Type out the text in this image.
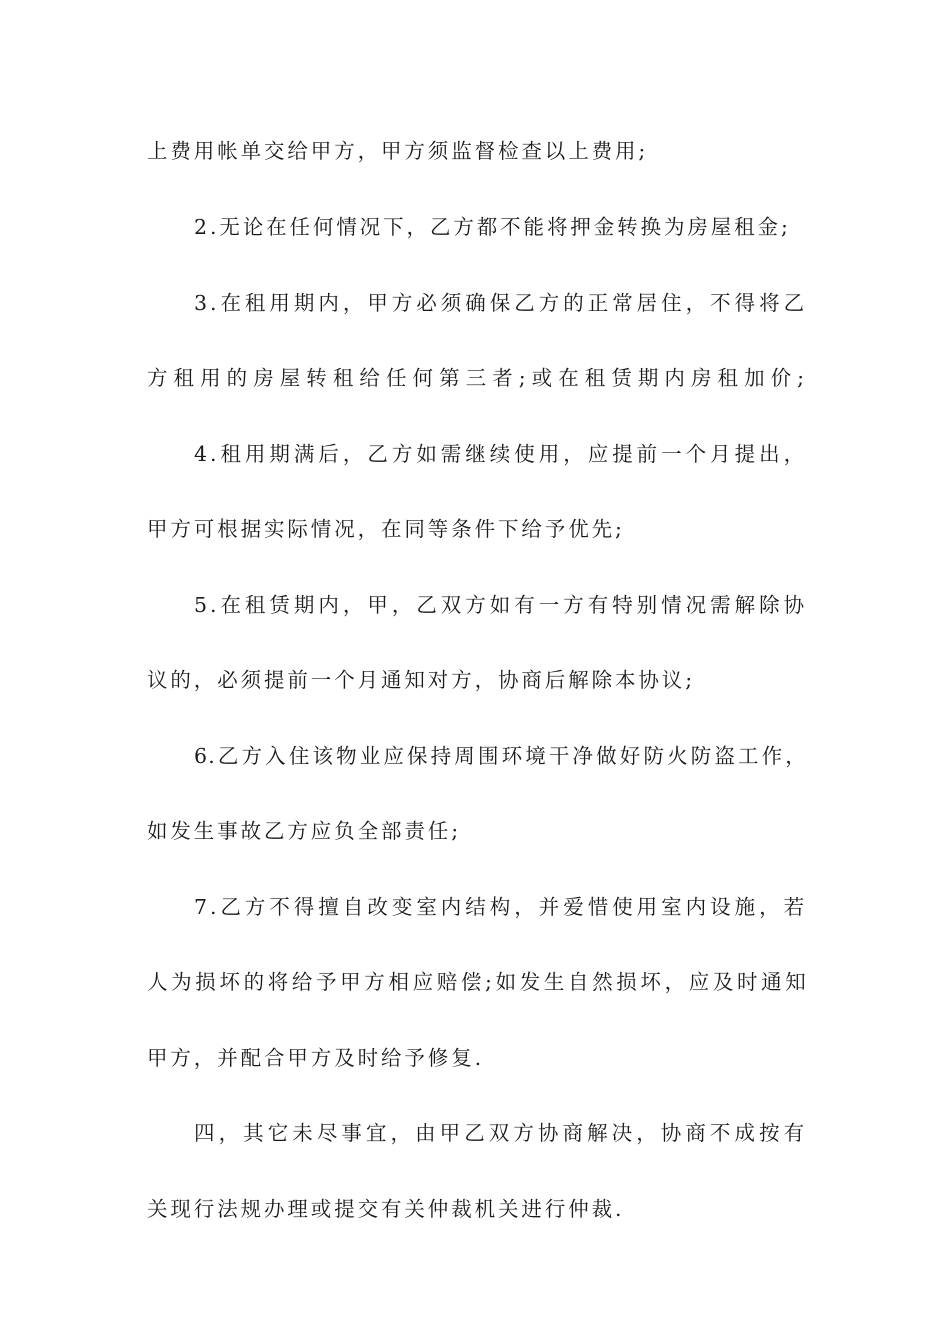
上费用帐单交给甲方，甲方须监督检查以上费用;
2.无论在任何情况下，乙方都不能将押金转换为房屋租金;
3.在租用期内，甲方必须确保乙方的正常居住，不得将乙
方租用的房屋转租给任何第三者;或在租赁期内房租加价;
4.租用期满后，乙方如需继续使用，应提前一个月提出，
甲方可根据实际情况，在同等条件下给予优先;
5.在租赁期内，甲，乙双方如有一方有特别情况需解除协
议的，必须提前一个月通知对方，协商后解除本协议;
6.乙方入住该物业应保持周围环境干净做好防火防盗工作，
如发生事故乙方应负全部责任;
7.乙方不得擅自改变室内结构，并爱惜使用室内设施，若
人为损坏的将给予甲方相应赔偿;如发生自然损坏，应及时通知
甲方，并配合甲方及时给予修复.
四，其它未尽事宜，由甲乙双方协商解决，协商不成按有
关现行法规办理或提交有关仲裁机关进行仲裁.
